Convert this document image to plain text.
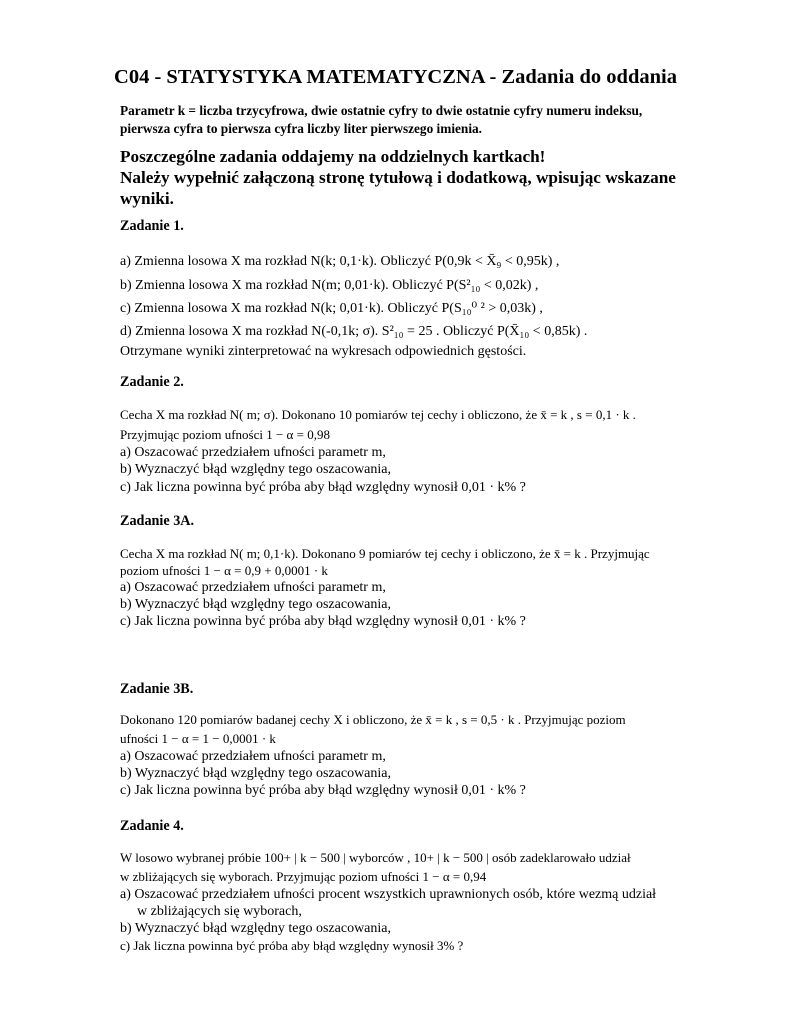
C04 - STATYSTYKA MATEMATYCZNA - Zadania do oddania
Parametr k = liczba trzycyfrowa, dwie ostatnie cyfry to dwie ostatnie cyfry numeru indeksu,
pierwsza cyfra to pierwsza cyfra liczby liter pierwszego imienia.
Poszczególne zadania oddajemy na oddzielnych kartkach!
Należy wypełnić załączoną stronę tytułową i dodatkową, wpisując wskazane
wyniki.
Zadanie 1.
a) Zmienna losowa X ma rozkład N(k; 0,1·k). Obliczyć P(0,9k < X̄₉ < 0,95k) ,
b) Zmienna losowa X ma rozkład N(m; 0,01·k). Obliczyć P(S²₁₀ < 0,02k) ,
c) Zmienna losowa X ma rozkład N(k; 0,01·k). Obliczyć P(S₁₀⁰ ² > 0,03k) ,
d) Zmienna losowa X ma rozkład N(-0,1k; σ). S²₁₀ = 25 . Obliczyć P(X̄₁₀ < 0,85k) .
Otrzymane wyniki zinterpretować na wykresach odpowiednich gęstości.
Zadanie 2.
Cecha X ma rozkład N( m; σ). Dokonano 10 pomiarów tej cechy i obliczono, że x̄ = k , s = 0,1 · k .
Przyjmując poziom ufności 1 − α = 0,98
a) Oszacować przedziałem ufności parametr m,
b) Wyznaczyć błąd względny tego oszacowania,
c) Jak liczna powinna być próba aby błąd względny wynosił 0,01 · k% ?
Zadanie 3A.
Cecha X ma rozkład N( m; 0,1·k). Dokonano 9 pomiarów tej cechy i obliczono, że x̄ = k . Przyjmując
poziom ufności 1 − α = 0,9 + 0,0001 · k
a) Oszacować przedziałem ufności parametr m,
b) Wyznaczyć błąd względny tego oszacowania,
c) Jak liczna powinna być próba aby błąd względny wynosił 0,01 · k% ?
Zadanie 3B.
Dokonano 120 pomiarów badanej cechy X i obliczono, że x̄ = k , s = 0,5 · k . Przyjmując poziom
ufności 1 − α = 1 − 0,0001 · k
a) Oszacować przedziałem ufności parametr m,
b) Wyznaczyć błąd względny tego oszacowania,
c) Jak liczna powinna być próba aby błąd względny wynosił 0,01 · k% ?
Zadanie 4.
W losowo wybranej próbie 100+ | k − 500 | wyborców , 10+ | k − 500 | osób zadeklarowało udział
w zbliżających się wyborach. Przyjmując poziom ufności 1 − α = 0,94
a) Oszacować przedziałem ufności procent wszystkich uprawnionych osób, które wezmą udział
w zbliżających się wyborach,
b) Wyznaczyć błąd względny tego oszacowania,
c) Jak liczna powinna być próba aby błąd względny wynosił 3% ?
